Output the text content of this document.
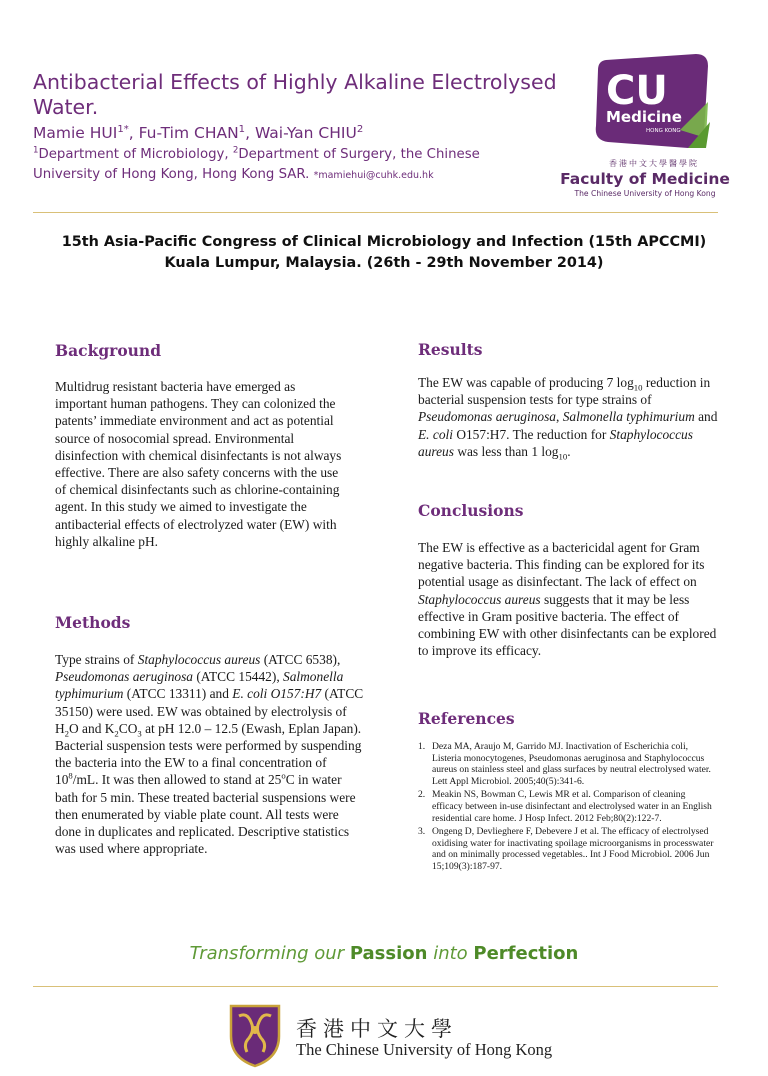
Antibacterial Effects of Highly Alkaline Electrolysed Water.
Mamie $HUI^{1*}$, Fu-Tim CHAN$^1$, Wai-Yan CHIU$^2$
$^1$Department of Microbiology, $^2$Department of Surgery, the Chinese University of Hong Kong, Hong Kong SAR. *mamiehui@cuhk.edu.hk
CU
Medicine
HONG KONG
香港中文大學醫學院
Faculty of Medicine
The Chinese University of Hong Kong
15th Asia-Pacific Congress of Clinical Microbiology and Infection (15th APCCMI)
Kuala Lumpur, Malaysia. (26th - 29th November 2014)
Background
Multidrug resistant bacteria have emerged as important human pathogens. They can colonized the patents’ immediate environment and act as potential source of nosocomial spread. Environmental disinfection with chemical disinfectants is not always effective. There are also safety concerns with the use of chemical disinfectants such as chlorine-containing agent. In this study we aimed to investigate the antibacterial effects of electrolyzed water (EW) with highly alkaline pH.
Methods
Type strains of Staphylococcus aureus (ATCC 6538), Pseudomonas aeruginosa (ATCC 15442), Salmonella typhimurium (ATCC 13311) and E. coli O157:H7 (ATCC 35150) were used. EW was obtained by electrolysis of $H_2O$ and $K_2CO_3$ at pH 12.0 – 12.5 (Ewash, Eplan Japan). Bacterial suspension tests were performed by suspending the bacteria into the EW to a final concentration of $10^8/mL$. It was then allowed to stand at 25$^o$C in water bath for 5 min. These treated bacterial suspensions were then enumerated by viable plate count. All tests were done in duplicates and replicated. Descriptive statistics was used where appropriate.
Results
The EW was capable of producing 7 $\log_{10}$ reduction in bacterial suspension tests for type strains of Pseudomonas aeruginosa, Salmonella typhimurium and E. coli O157:H7. The reduction for Staphylococcus aureus was less than 1 $\log_{10}$.
Conclusions
The EW is effective as a bactericidal agent for Gram negative bacteria. This finding can be explored for its potential usage as disinfectant. The lack of effect on Staphylococcus aureus suggests that it may be less effective in Gram positive bacteria. The effect of combining EW with other disinfectants can be explored to improve its efficacy.
References
1. Deza MA, Araujo M, Garrido MJ. Inactivation of Escherichia coli, Listeria monocytogenes, Pseudomonas aeruginosa and Staphylococcus aureus on stainless steel and glass surfaces by neutral electrolysed water. Lett Appl Microbiol. 2005;40(5):341-6.
2. Meakin NS, Bowman C, Lewis MR et al. Comparison of cleaning efficacy between in-use disinfectant and electrolysed water in an English residential care home. J Hosp Infect. 2012 Feb;80(2):122-7.
3. Ongeng D, Devlieghere F, Debevere J et al. The efficacy of electrolysed oxidising water for inactivating spoilage microorganisms in processwater and on minimally processed vegetables.. Int J Food Microbiol. 2006 Jun 15;109(3):187-97.
Transforming our Passion into Perfection
香港中文大學
The Chinese University of Hong Kong
